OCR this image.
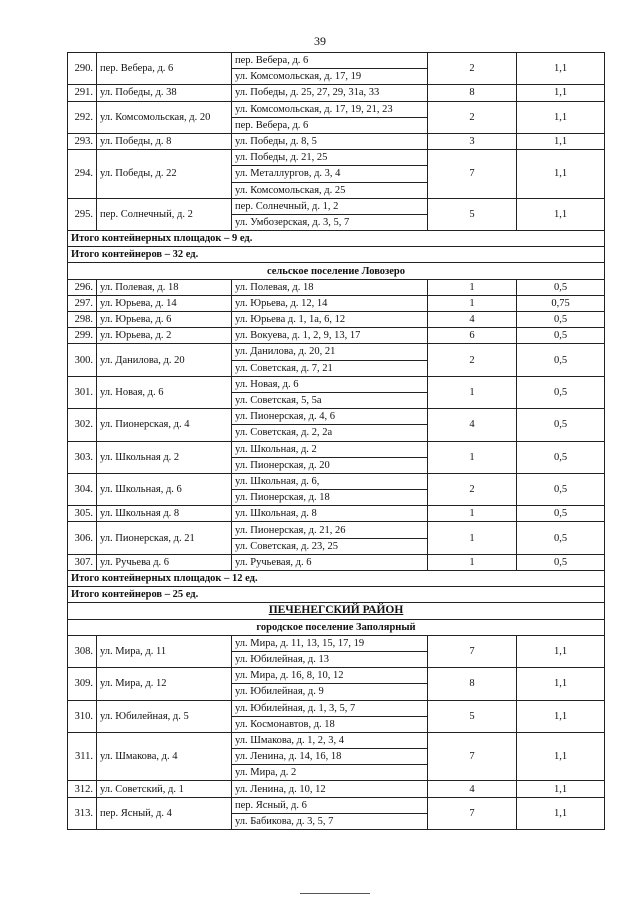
39
290.	пер. Вебера, д. 6	пер. Вебера, д. 6	2	1,1
		ул. Комсомольская, д. 17, 19		
291.	ул. Победы, д. 38	ул. Победы, д. 25, 27, 29, 31а, 33	8	1,1
292.	ул. Комсомольская, д. 20	ул. Комсомольская, д. 17, 19, 21, 23	2	1,1
		пер. Вебера, д. 6		
293.	ул. Победы, д. 8	ул. Победы, д. 8, 5	3	1,1
294.	ул. Победы, д. 22	ул. Победы, д. 21, 25	7	1,1
		ул. Металлургов, д. 3, 4		
		ул. Комсомольская, д. 25		
295.	пер. Солнечный, д. 2	пер. Солнечный, д. 1, 2	5	1,1
		ул. Умбозерская, д. 3, 5, 7		
Итого контейнерных площадок – 9 ед.				
Итого контейнеров – 32 ед.				
сельское поселение Ловозеро				
296.	ул. Полевая, д. 18	ул. Полевая, д. 18	1	0,5
297.	ул. Юрьева, д. 14	ул. Юрьева, д. 12, 14	1	0,75
298.	ул. Юрьева, д. 6	ул. Юрьева д. 1, 1а, 6, 12	4	0,5
299.	ул. Юрьева, д. 2	ул. Вокуева, д. 1, 2, 9, 13, 17	6	0,5
300.	ул. Данилова, д. 20	ул. Данилова, д. 20, 21	2	0,5
		ул. Советская, д. 7, 21		
301.	ул. Новая, д. 6	ул. Новая, д. 6	1	0,5
		ул. Советская, 5, 5а		
302.	ул. Пионерская, д. 4	ул. Пионерская, д. 4, 6	4	0,5
		ул. Советская, д. 2, 2а		
303.	ул. Школьная д. 2	ул. Школьная, д. 2	1	0,5
		ул. Пионерская, д. 20		
304.	ул. Школьная, д. 6	ул. Школьная, д. 6,	2	0,5
		ул. Пионерская, д. 18		
305.	ул. Школьная д. 8	ул. Школьная, д. 8	1	0,5
306.	ул. Пионерская, д. 21	ул. Пионерская, д. 21, 26	1	0,5
		ул. Советская, д. 23, 25		
307.	ул. Ручьева д. 6	ул. Ручьевая, д. 6	1	0,5
Итого контейнерных площадок – 12 ед.				
Итого контейнеров – 25 ед.				
ПЕЧЕНЕГСКИЙ РАЙОН				
городское поселение Заполярный				
308.	ул. Мира, д. 11	ул. Мира, д. 11, 13, 15, 17, 19	7	1,1
		ул. Юбилейная, д. 13		
309.	ул. Мира, д. 12	ул. Мира, д. 16, 8, 10, 12	8	1,1
		ул. Юбилейная, д. 9		
310.	ул. Юбилейная, д. 5	ул. Юбилейная, д. 1, 3, 5, 7	5	1,1
		ул. Космонавтов, д. 18		
311.	ул. Шмакова, д. 4	ул. Шмакова, д. 1, 2, 3, 4	7	1,1
		ул. Ленина, д. 14, 16, 18		
		ул. Мира, д. 2		
312.	ул. Советский, д. 1	ул. Ленина, д. 10, 12	4	1,1
313.	пер. Ясный, д. 4	пер. Ясный, д. 6	7	1,1
		ул. Бабикова, д. 3, 5, 7		
